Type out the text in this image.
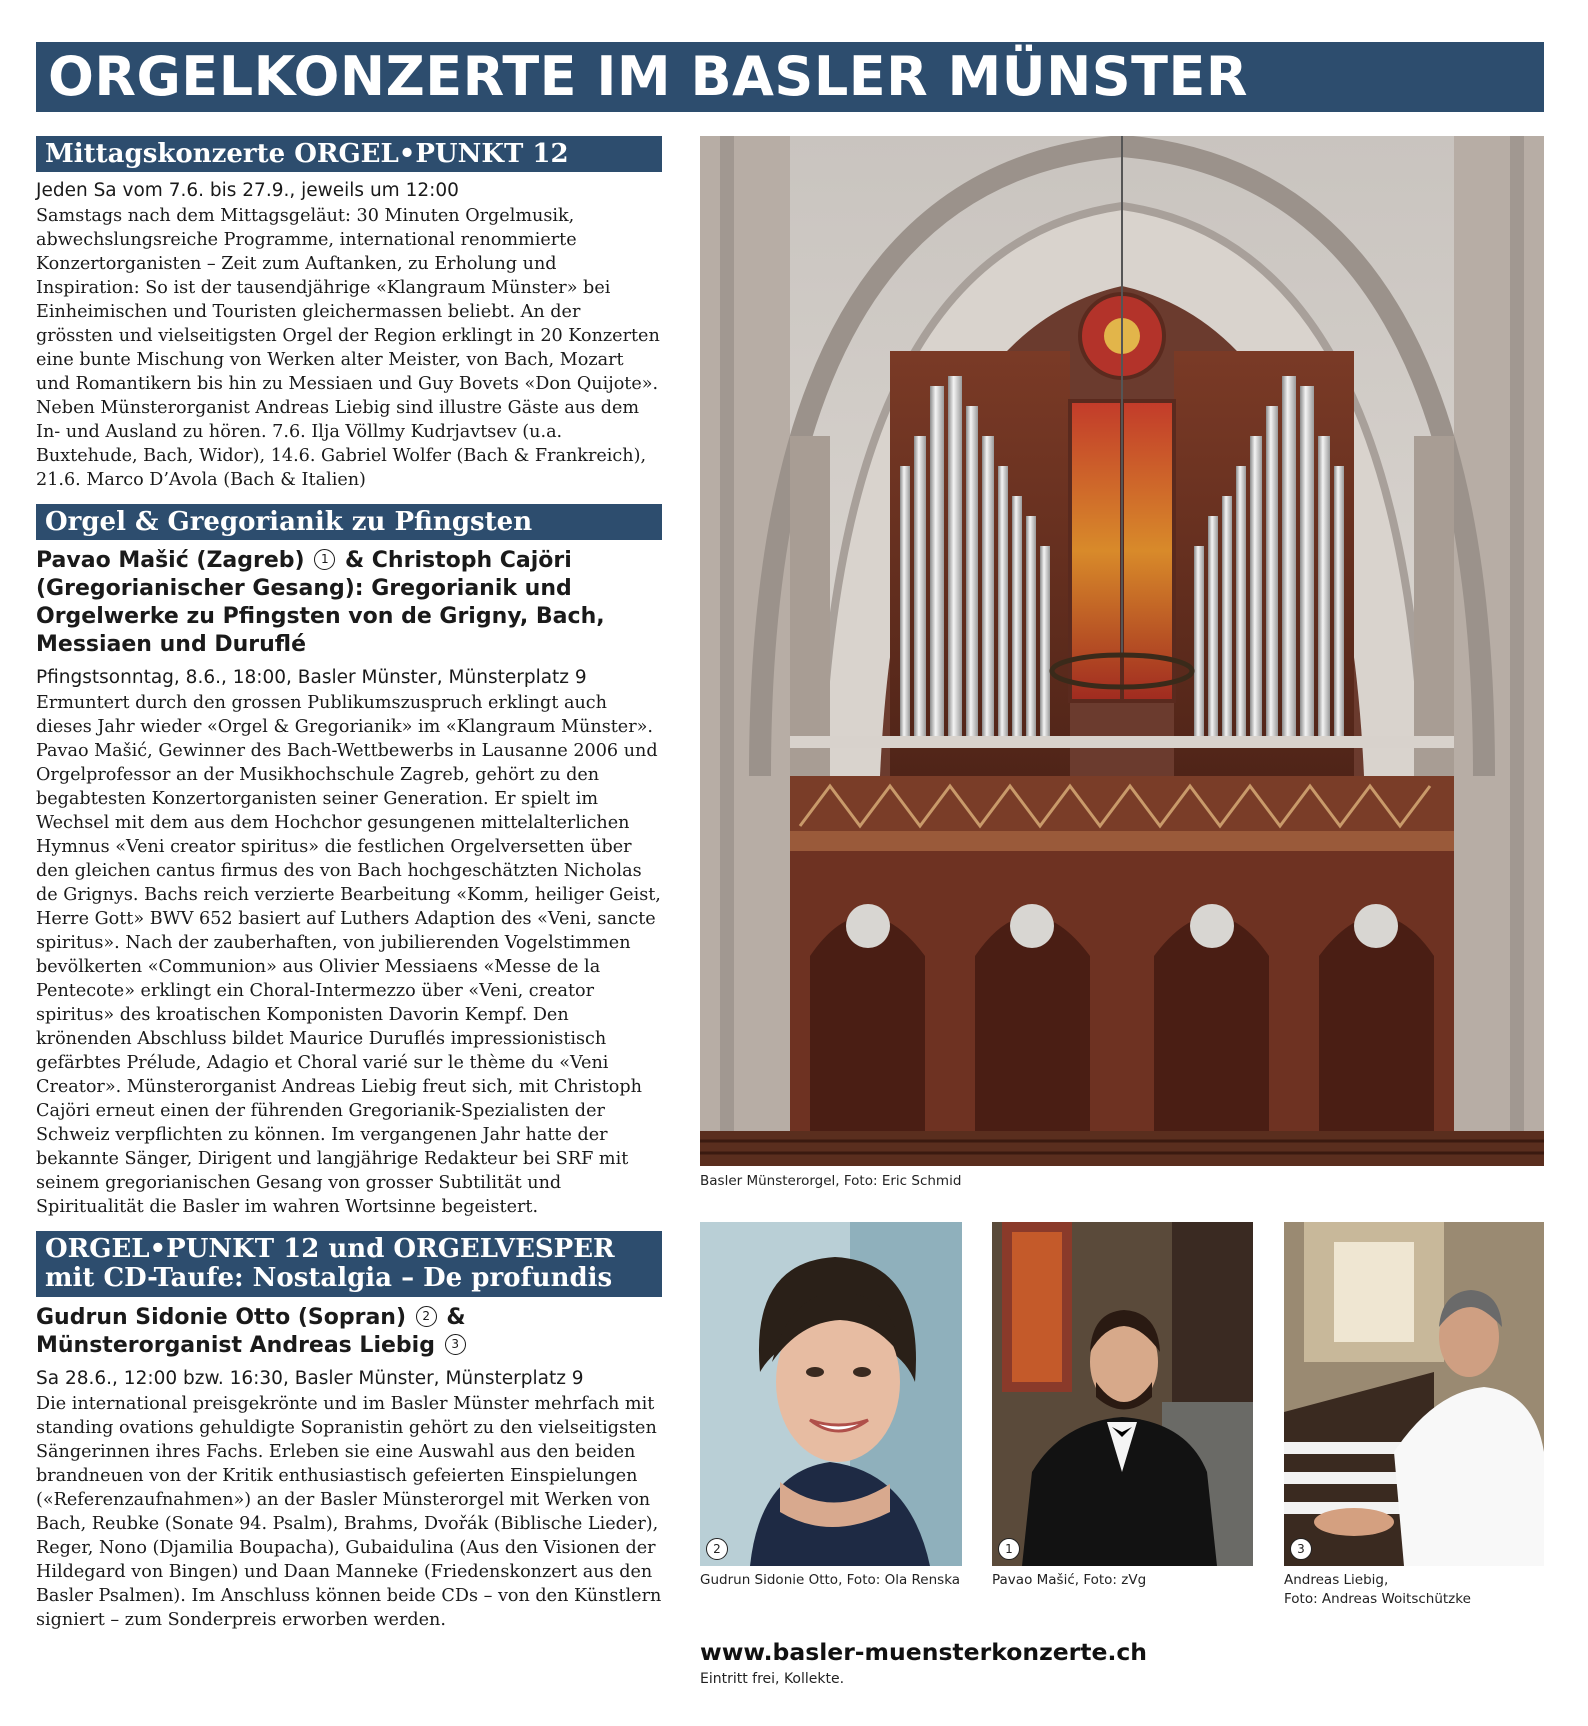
ORGELKONZERTE IM BASLER MÜNSTER
Mittagskonzerte ORGEL•PUNKT 12
Jeden Sa vom 7.6. bis 27.9., jeweils um 12:00
Samstags nach dem Mittagsgeläut: 30 Minuten Orgelmusik, abwechslungsreiche Programme, international renommierte Konzertorganisten – Zeit zum Auftanken, zu Erholung und Inspiration: So ist der tausendjährige «Klangraum Münster» bei Einheimischen und Touristen gleichermassen beliebt. An der grössten und vielseitigsten Orgel der Region erklingt in 20 Konzerten eine bunte Mischung von Werken alter Meister, von Bach, Mozart und Romantikern bis hin zu Messiaen und Guy Bovets «Don Quijote». Neben Münsterorganist Andreas Liebig sind illustre Gäste aus dem In- und Ausland zu hören. 7.6. Ilja Völlmy Kudrjavtsev (u.a. Buxtehude, Bach, Widor), 14.6. Gabriel Wolfer (Bach & Frankreich), 21.6. Marco D’Avola (Bach & Italien)
Orgel & Gregorianik zu Pfingsten
Pavao Mašić (Zagreb) 1 & Christoph Cajöri (Gregorianischer Gesang): Gregorianik und Orgelwerke zu Pfingsten von de Grigny, Bach, Messiaen und Duruflé
Pfingstsonntag, 8.6., 18:00, Basler Münster, Münsterplatz 9
Ermuntert durch den grossen Publikumszuspruch erklingt auch dieses Jahr wieder «Orgel & Gregorianik» im «Klangraum Münster». Pavao Mašić, Gewinner des Bach-Wettbewerbs in Lausanne 2006 und Orgelprofessor an der Musikhochschule Zagreb, gehört zu den begabtesten Konzertorganisten seiner Generation. Er spielt im Wechsel mit dem aus dem Hochchor gesungenen mittelalterlichen Hymnus «Veni creator spiritus» die festlichen Orgelversetten über den gleichen cantus firmus des von Bach hochgeschätzten Nicholas de Grignys. Bachs reich verzierte Bearbeitung «Komm, heiliger Geist, Herre Gott» BWV 652 basiert auf Luthers Adaption des «Veni, sancte spiritus». Nach der zauberhaften, von jubilierenden Vogelstimmen bevölkerten «Communion» aus Olivier Messiaens «Messe de la Pentecote» erklingt ein Choral-Intermezzo über «Veni, creator spiritus» des kroatischen Komponisten Davorin Kempf. Den krönenden Abschluss bildet Maurice Duruflés impressionistisch gefärbtes Prélude, Adagio et Choral varié sur le thème du «Veni Creator». Münsterorganist Andreas Liebig freut sich, mit Christoph Cajöri erneut einen der führenden Gregorianik-Spezialisten der Schweiz verpflichten zu können. Im vergangenen Jahr hatte der bekannte Sänger, Dirigent und langjährige Redakteur bei SRF mit seinem gregorianischen Gesang von grosser Subtilität und Spiritualität die Basler im wahren Wortsinne begeistert.
ORGEL•PUNKT 12 und ORGELVESPER
mit CD-Taufe: Nostalgia – De profundis
Gudrun Sidonie Otto (Sopran) 2 & Münsterorganist Andreas Liebig 3
Sa 28.6., 12:00 bzw. 16:30, Basler Münster, Münsterplatz 9
Die international preisgekrönte und im Basler Münster mehrfach mit standing ovations gehuldigte Sopranistin gehört zu den vielseitigsten Sängerinnen ihres Fachs. Erleben sie eine Auswahl aus den beiden brandneuen von der Kritik enthusiastisch gefeierten Einspielungen («Referenzaufnahmen») an der Basler Münsterorgel mit Werken von Bach, Reubke (Sonate 94. Psalm), Brahms, Dvořák (Biblische Lieder), Reger, Nono (Djamilia Boupacha), Gubaidulina (Aus den Visionen der Hildegard von Bingen) und Daan Manneke (Friedenskonzert aus den Basler Psalmen). Im Anschluss können beide CDs – von den Künstlern signiert – zum Sonderpreis erworben werden.
Basler Münsterorgel, Foto: Eric Schmid
2
Gudrun Sidonie Otto, Foto: Ola Renska
1
Pavao Mašić, Foto: zVg
3
Andreas Liebig,
Foto: Andreas Woitschützke
www.basler-muensterkonzerte.ch
Eintritt frei, Kollekte.
